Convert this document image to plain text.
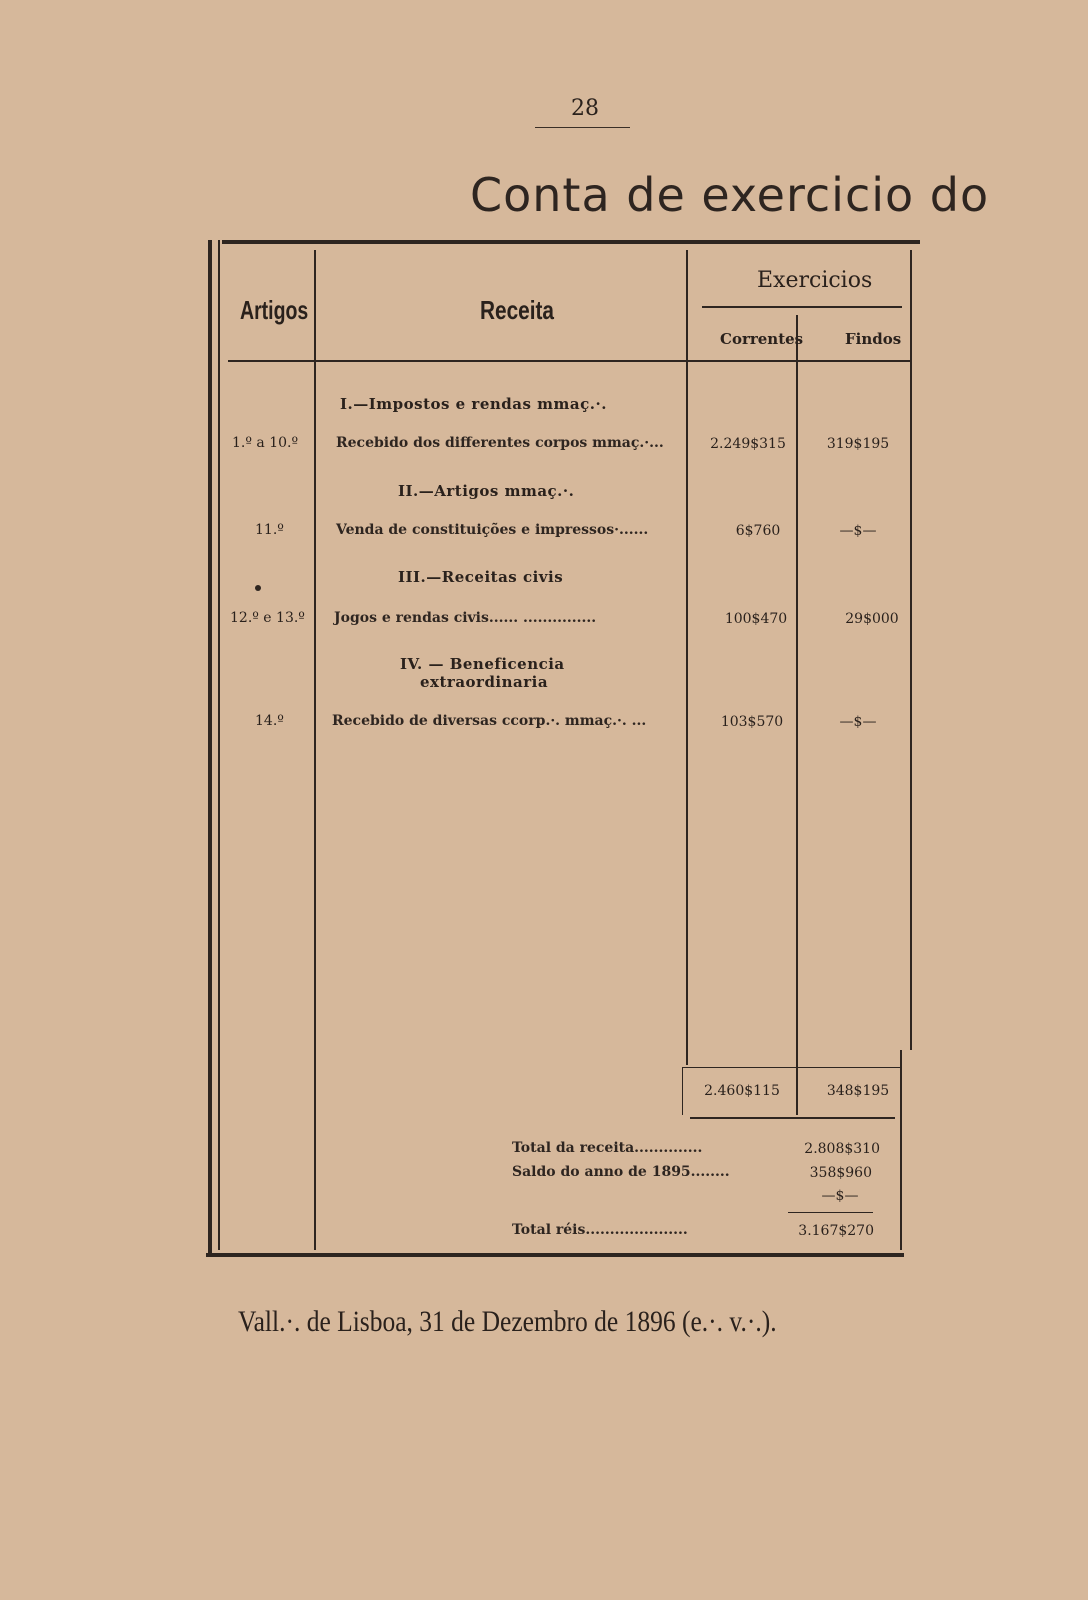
28
Conta de exercicio do
Artigos	Receita
Exercicios
Correntes	Findos
I.—Impostos e rendas mmaç.·.
II.—Artigos mmaç.·.
III.—Receitas civis
IV. — Beneficencia
extraordinaria
1.º a 10.º	Recebido dos differentes corpos mmaç.·...	2.249$315	319$195
11.º	Venda de constituições e impressos·......	6$760	—$—
12.º e 13.º Jogos e rendas civis...... ...............	100$470	29$000
14.º	Recebido de diversas ccorp.·. mmaç.·. ...	103$570	—$—
2.460$115	348$195
Total da receita..............	2.808$310
Saldo do anno de 1895........	358$960
—$—
Total réis.....................	3.167$270
Vall.·. de Lisboa, 31 de Dezembro de 1896 (e.·. v.·.).
